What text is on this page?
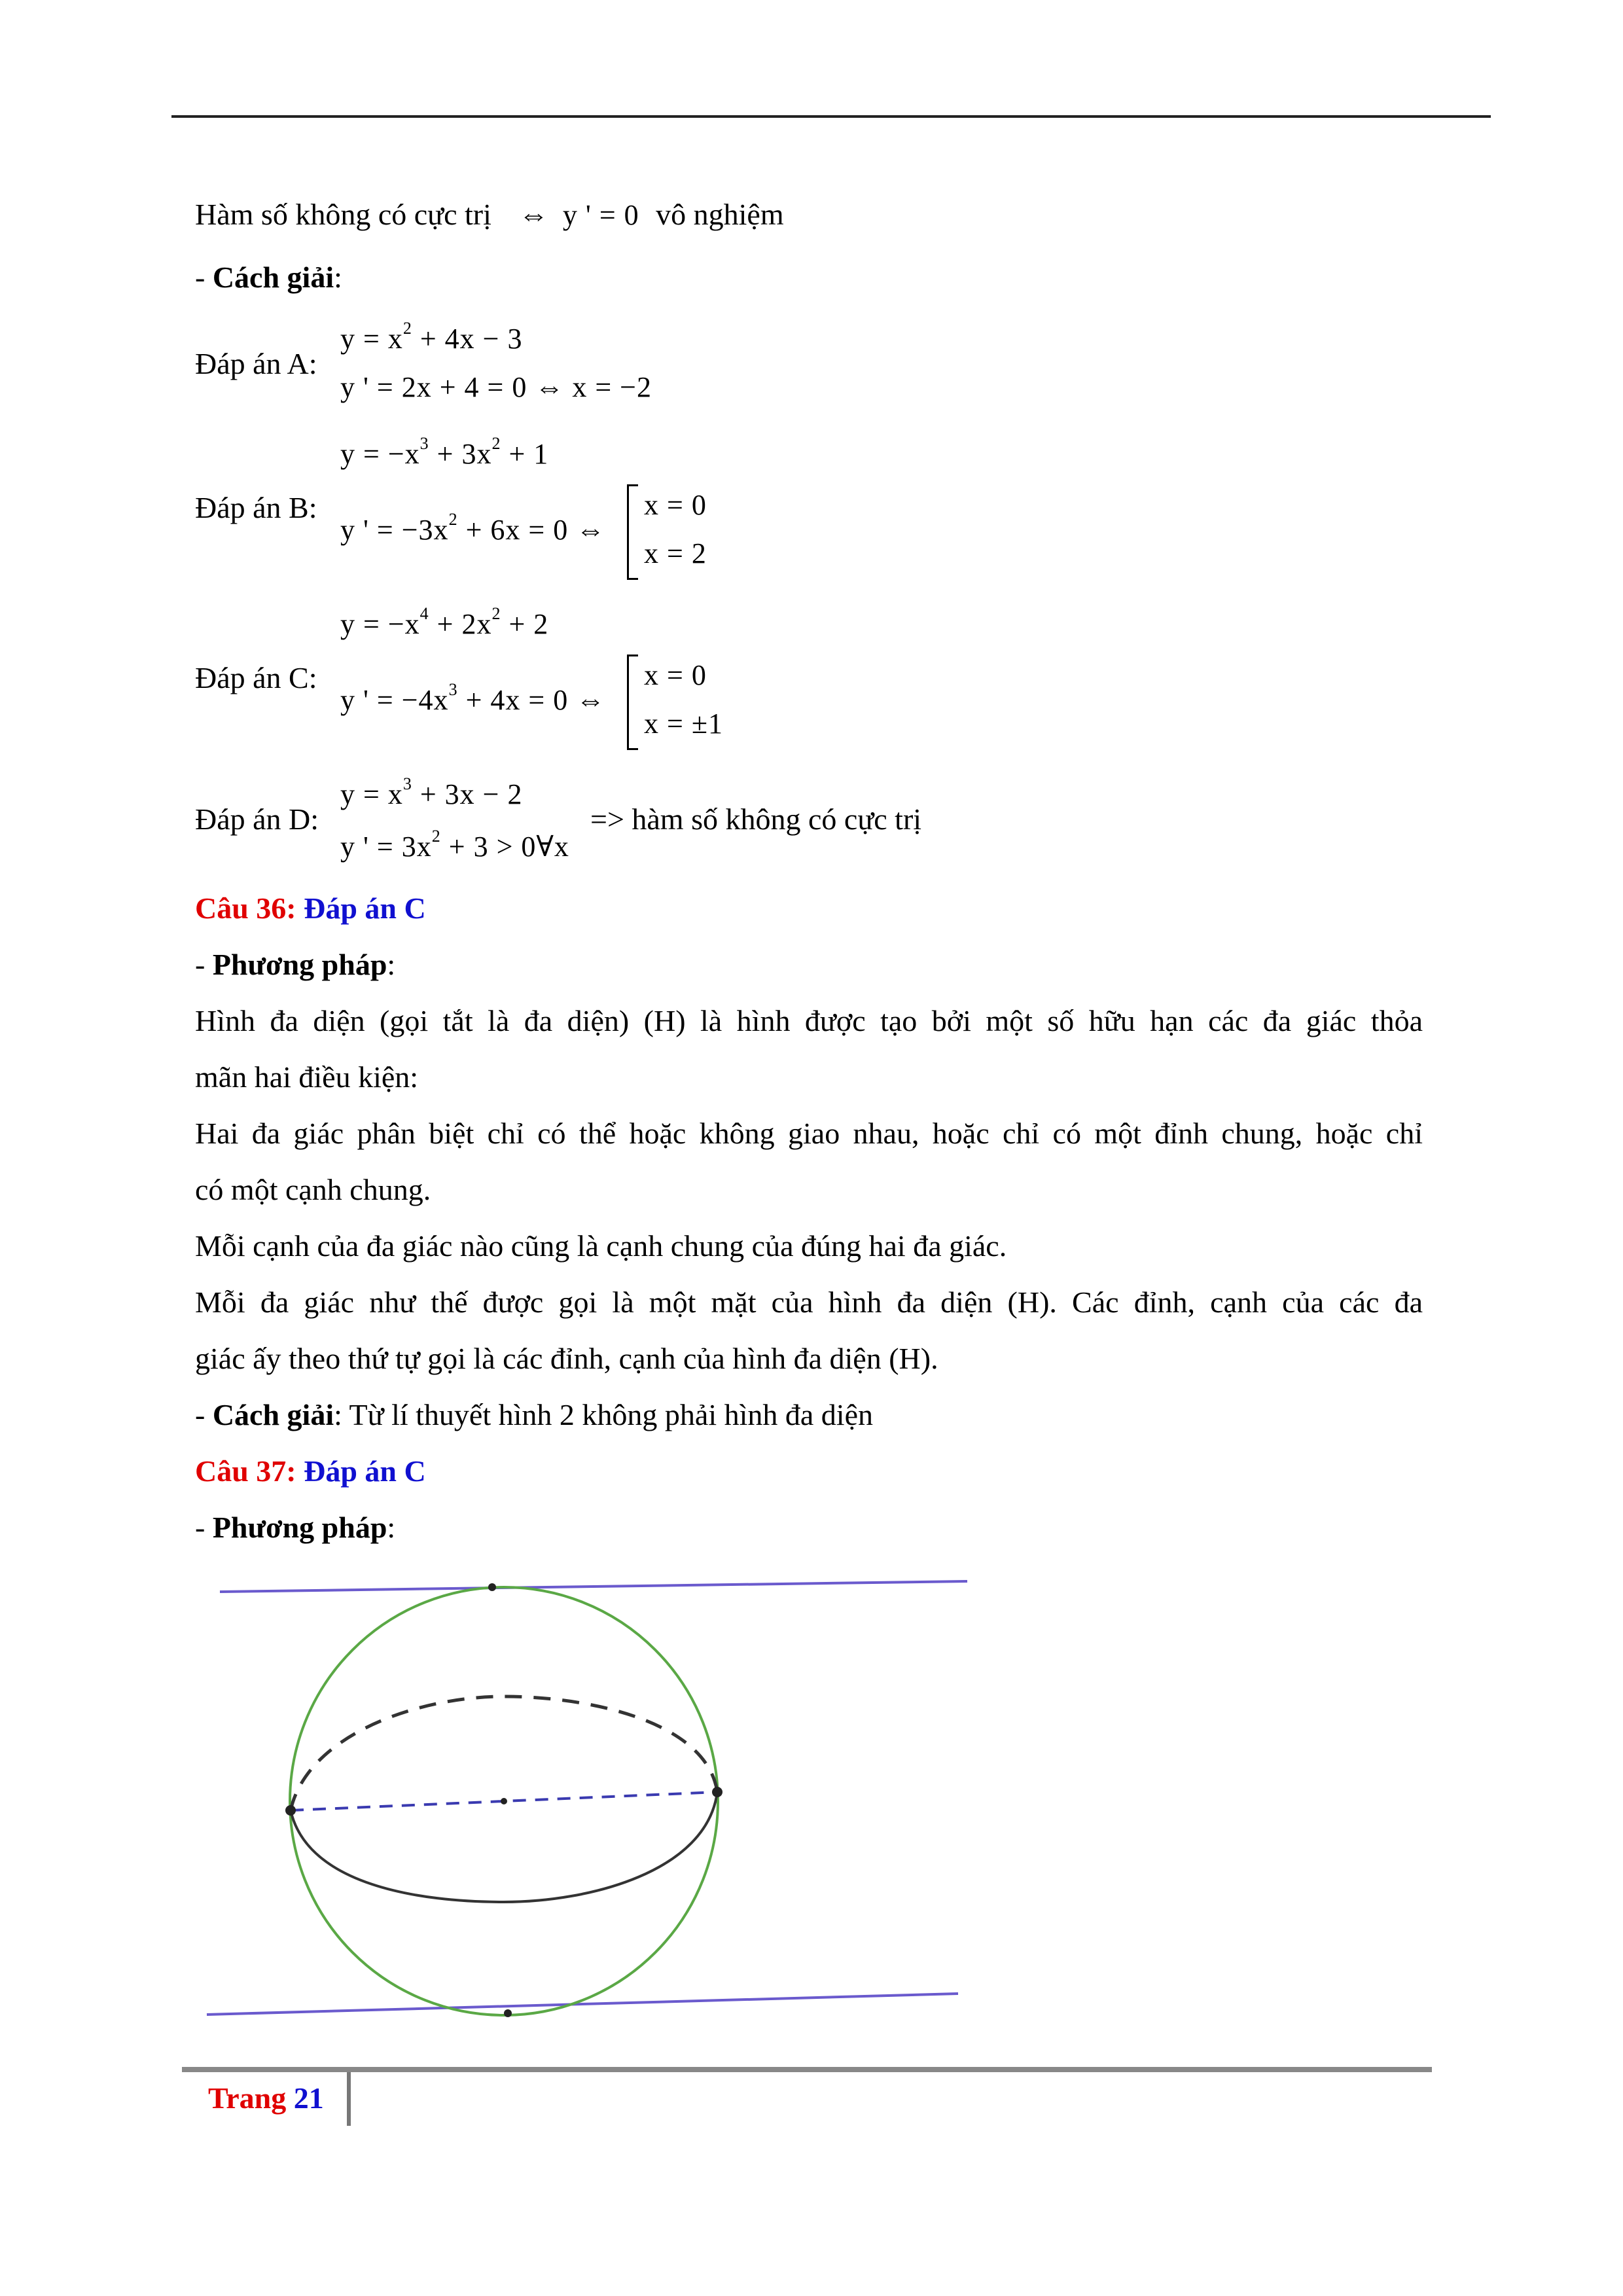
Hàm số không có cực trị ⇔ y ' = 0 vô nghiệm
- Cách giải:
Đáp án A:
$y = x^2 + 4x - 3$
y ' = 2x + 4 = 0 ⇔ x = −2
$y = -x^3 + 3x^2 + 1$
Đáp án B:
y ' = $-3x^2 + 6x = 0$ ⇔
x = 0
x = 2
$y = -x^4 + 2x^2 + 2$
Đáp án C:
y ' = $-4x^3 + 4x = 0$ ⇔
x = 0
x = ±1
$y = x^3 + 3x - 2$
Đáp án D:	=> hàm số không có cực trị
y ' = $3x^2 + 3$ > 0∀x
Câu 36: Đáp án C
- Phương pháp:
Hình đa diện (gọi tắt là đa diện) (H) là hình được tạo bởi một số hữu hạn các đa giác thỏa
mãn hai điều kiện:
Hai đa giác phân biệt chỉ có thể hoặc không giao nhau, hoặc chỉ có một đỉnh chung, hoặc chỉ
có một cạnh chung.
Mỗi cạnh của đa giác nào cũng là cạnh chung của đúng hai đa giác.
Mỗi đa giác như thế được gọi là một mặt của hình đa diện (H). Các đỉnh, cạnh của các đa
giác ấy theo thứ tự gọi là các đỉnh, cạnh của hình đa diện (H).
- Cách giải: Từ lí thuyết hình 2 không phải hình đa diện
Câu 37: Đáp án C
- Phương pháp:
Trang 21
